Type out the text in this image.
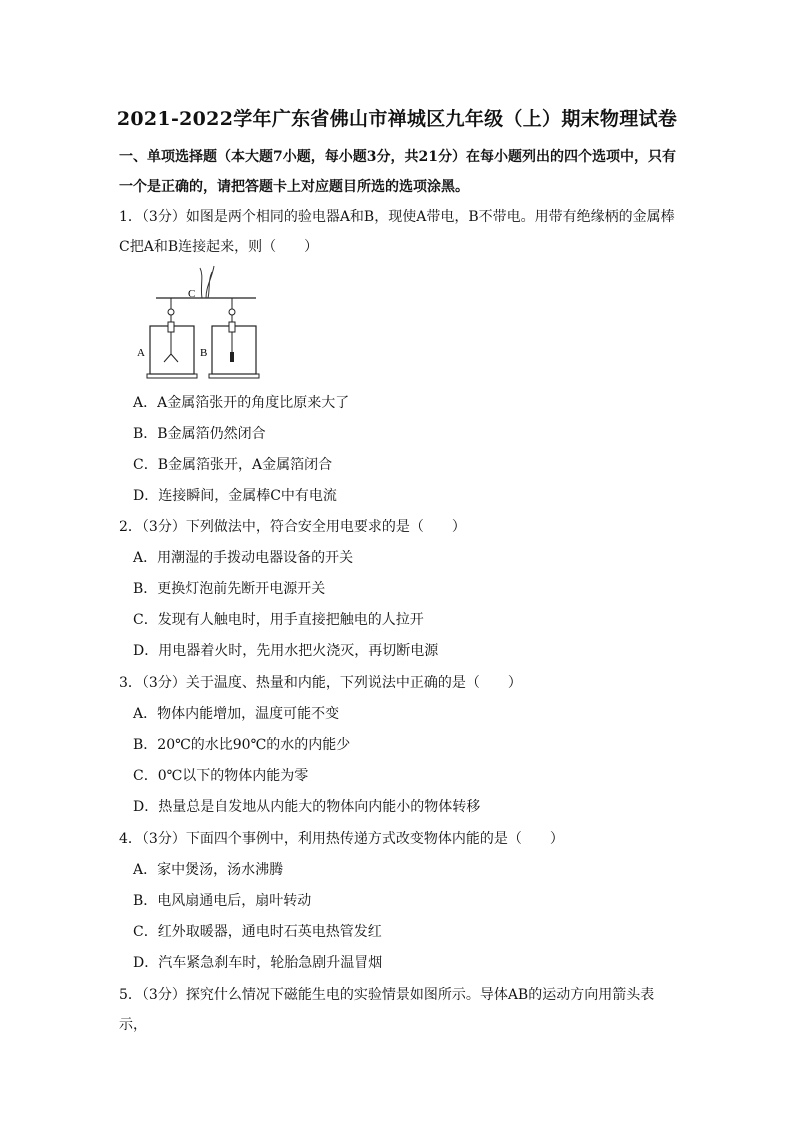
2021-2022学年广东省佛山市禅城区九年级（上）期末物理试卷
一、单项选择题（本大题7小题，每小题3分，共21分）在每小题列出的四个选项中，只有一个是正确的，请把答题卡上对应题目所选的选项涂黑。
1．（3分）如图是两个相同的验电器A和B，现使A带电，B不带电。用带有绝缘柄的金属棒C把A和B连接起来，则（　　）
C
A	B
A．A金属箔张开的角度比原来大了
B．B金属箔仍然闭合
C．B金属箔张开，A金属箔闭合
D．连接瞬间，金属棒C中有电流
2．（3分）下列做法中，符合安全用电要求的是（　　）
A．用潮湿的手拨动电器设备的开关
B．更换灯泡前先断开电源开关
C．发现有人触电时，用手直接把触电的人拉开
D．用电器着火时，先用水把火浇灭，再切断电源
3．（3分）关于温度、热量和内能，下列说法中正确的是（　　）
A．物体内能增加，温度可能不变
B．20℃的水比90℃的水的内能少
C．0℃以下的物体内能为零
D．热量总是自发地从内能大的物体向内能小的物体转移
4．（3分）下面四个事例中，利用热传递方式改变物体内能的是（　　）
A．家中煲汤，汤水沸腾
B．电风扇通电后，扇叶转动
C．红外取暖器，通电时石英电热管发红
D．汽车紧急刹车时，轮胎急剧升温冒烟
5．（3分）探究什么情况下磁能生电的实验情景如图所示。导体AB的运动方向用箭头表示，
